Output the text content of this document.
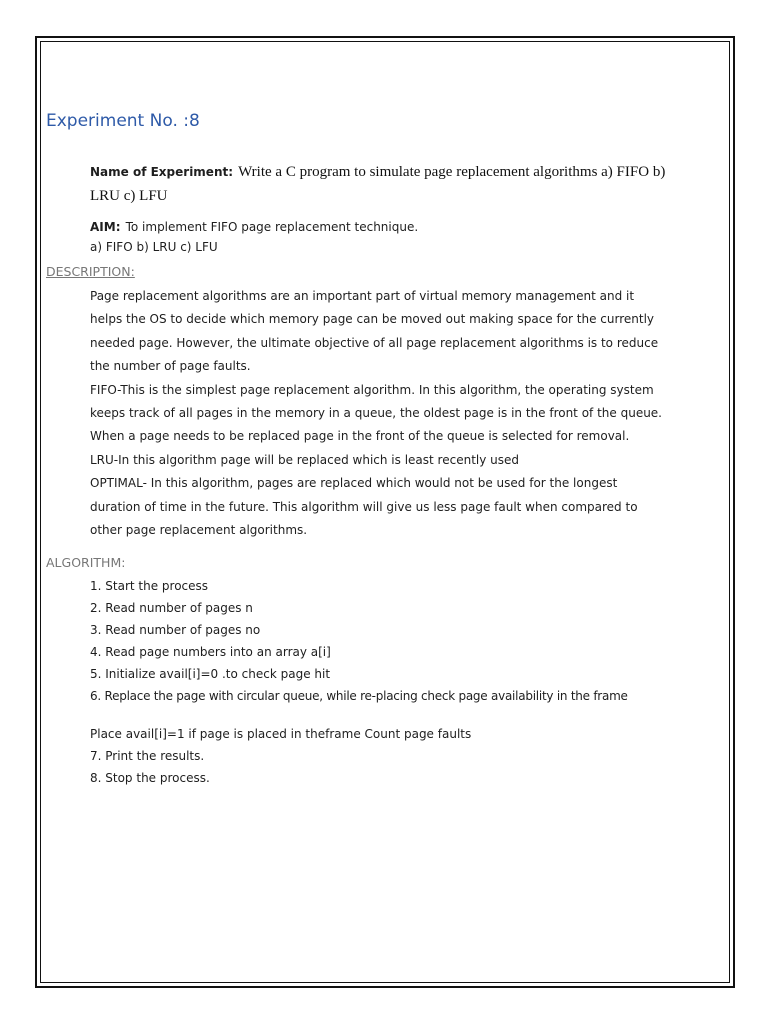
Experiment No. :8
Name of Experiment: Write a C program to simulate page replacement algorithms a) FIFO b)
LRU c) LFU
AIM: To implement FIFO page replacement technique.
a) FIFO b) LRU c) LFU
DESCRIPTION:
Page replacement algorithms are an important part of virtual memory management and it
helps the OS to decide which memory page can be moved out making space for the currently
needed page. However, the ultimate objective of all page replacement algorithms is to reduce
the number of page faults.
FIFO-This is the simplest page replacement algorithm. In this algorithm, the operating system
keeps track of all pages in the memory in a queue, the oldest page is in the front of the queue.
When a page needs to be replaced page in the front of the queue is selected for removal.
LRU-In this algorithm page will be replaced which is least recently used
OPTIMAL- In this algorithm, pages are replaced which would not be used for the longest
duration of time in the future. This algorithm will give us less page fault when compared to
other page replacement algorithms.
ALGORITHM:
1. Start the process
2. Read number of pages n
3. Read number of pages no
4. Read page numbers into an array a[i]
5. Initialize avail[i]=0 .to check page hit
6. Replace the page with circular queue, while re-placing check page availability in the frame
Place avail[i]=1 if page is placed in theframe Count page faults
7. Print the results.
8. Stop the process.
